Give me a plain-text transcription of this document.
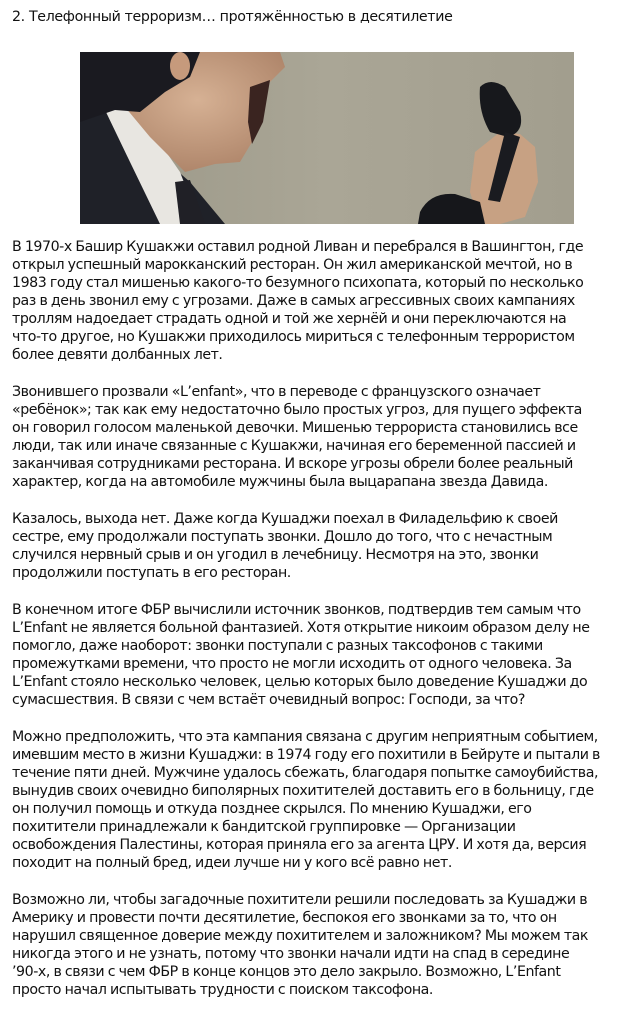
2. Телефонный терроризм… протяжённостью в десятилетие

В 1970-х Башир Кушакжи оставил родной Ливан и перебрался в Вашингтон, где
открыл успешный марокканский ресторан. Он жил американской мечтой, но в
1983 году стал мишенью какого-то безумного психопата, который по несколько
раз в день звонил ему с угрозами. Даже в самых агрессивных своих кампаниях
троллям надоедает страдать одной и той же хернёй и они переключаются на
что-то другое, но Кушакжи приходилось мириться с телефонным террористом
более девяти долбанных лет.

Звонившего прозвали «L’enfant», что в переводе с французского означает
«ребёнок»; так как ему недостаточно было простых угроз, для пущего эффекта
он говорил голосом маленькой девочки. Мишенью террориста становились все
люди, так или иначе связанные с Кушакжи, начиная его беременной пассией и
заканчивая сотрудниками ресторана. И вскоре угрозы обрели более реальный
характер, когда на автомобиле мужчины была выцарапана звезда Давида.

Казалось, выхода нет. Даже когда Кушаджи поехал в Филадельфию к своей
сестре, ему продолжали поступать звонки. Дошло до того, что с нечастным
случился нервный срыв и он угодил в лечебницу. Несмотря на это, звонки
продолжили поступать в его ресторан.

В конечном итоге ФБР вычислили источник звонков, подтвердив тем самым что
L’Enfant не является больной фантазией. Хотя открытие никоим образом делу не
помогло, даже наоборот: звонки поступали с разных таксофонов с такими
промежутками времени, что просто не могли исходить от одного человека. За
L’Enfant стояло несколько человек, целью которых было доведение Кушаджи до
сумасшествия. В связи с чем встаёт очевидный вопрос: Господи, за что?

Можно предположить, что эта кампания связана с другим неприятным событием,
имевшим место в жизни Кушаджи: в 1974 году его похитили в Бейруте и пытали в
течение пяти дней. Мужчине удалось сбежать, благодаря попытке самоубийства,
вынудив своих очевидно биполярных похитителей доставить его в больницу, где
он получил помощь и откуда позднее скрылся. По мнению Кушаджи, его
похитители принадлежали к бандитской группировке — Организации
освобождения Палестины, которая приняла его за агента ЦРУ. И хотя да, версия
походит на полный бред, идеи лучше ни у кого всё равно нет.

Возможно ли, чтобы загадочные похитители решили последовать за Кушаджи в
Америку и провести почти десятилетие, беспокоя его звонками за то, что он
нарушил священное доверие между похитителем и заложником? Мы можем так
никогда этого и не узнать, потому что звонки начали идти на спад в середине
’90-х, в связи с чем ФБР в конце концов это дело закрыло. Возможно, L’Enfant
просто начал испытывать трудности с поиском таксофона.
